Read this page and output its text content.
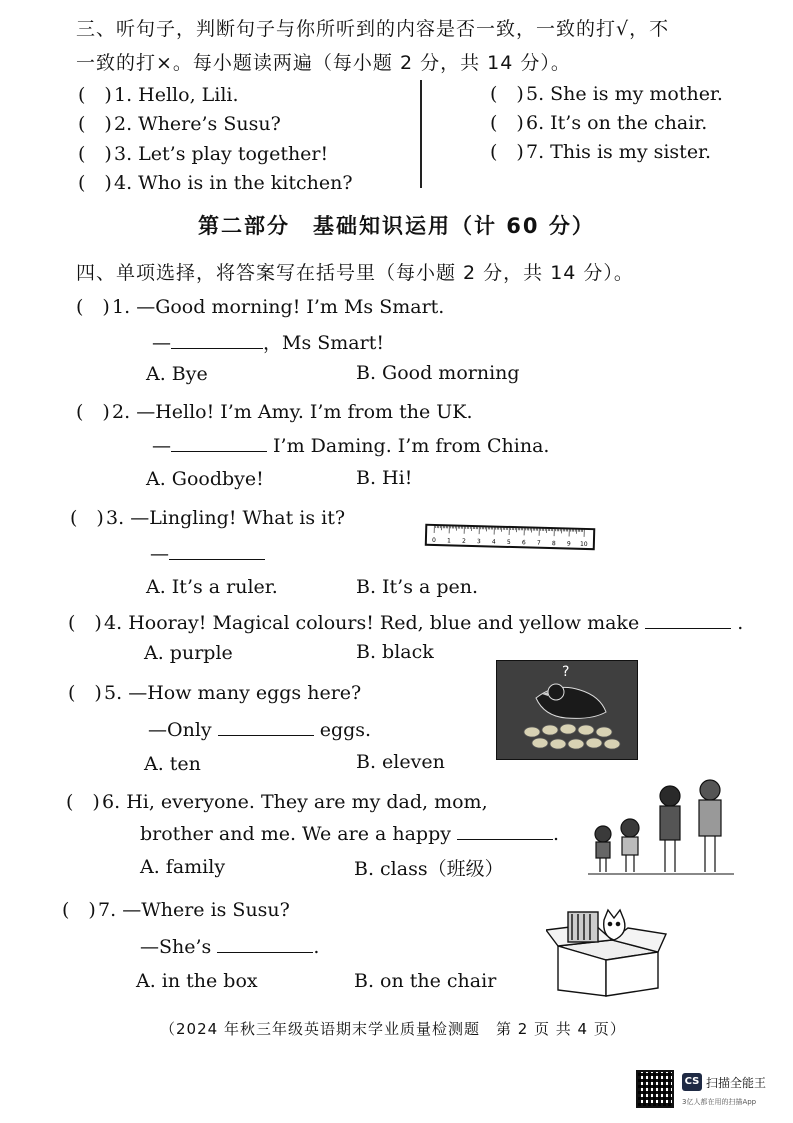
三、听句子，判断句子与你所听到的内容是否一致，一致的打√，不
一致的打×。每小题读两遍（每小题 2 分，共 14 分）。
(　) 1. Hello, Lili.
(　) 2. Where’s Susu?
(　) 3. Let’s play together!
(　) 4. Who is in the kitchen?
(　) 5. She is my mother.
(　) 6. It’s on the chair.
(　) 7. This is my sister.
第二部分　基础知识运用（计 60 分）
四、单项选择，将答案写在括号里（每小题 2 分，共 14 分）。
(　) 1. —Good morning! I’m Ms Smart.
—	，Ms Smart!
A. Bye	B. Good morning
(　) 2. —Hello! I’m Amy. I’m from the UK.
—	I’m Daming. I’m from China.
A. Goodbye!	B. Hi!
(　) 3. —Lingling! What is it?
—
A. It’s a ruler.	B. It’s a pen.
0 1 2 3 4 5 6 7 8 9 10
(　) 4. Hooray! Magical colours! Red, blue and yellow make	.
A. purple	B. black
(　) 5. —How many eggs here?
—Only	eggs.
A. ten	B. eleven
?
(　) 6. Hi, everyone. They are my dad, mom,
brother and me. We are a happy	.
A. family	B. class（班级）
(　) 7. —Where is Susu?
—She’s	.
A. in the box	B. on the chair
（2024 年秋三年级英语期末学业质量检测题　第 2 页 共 4 页）
CS 扫描全能王
3亿人都在用的扫描App
